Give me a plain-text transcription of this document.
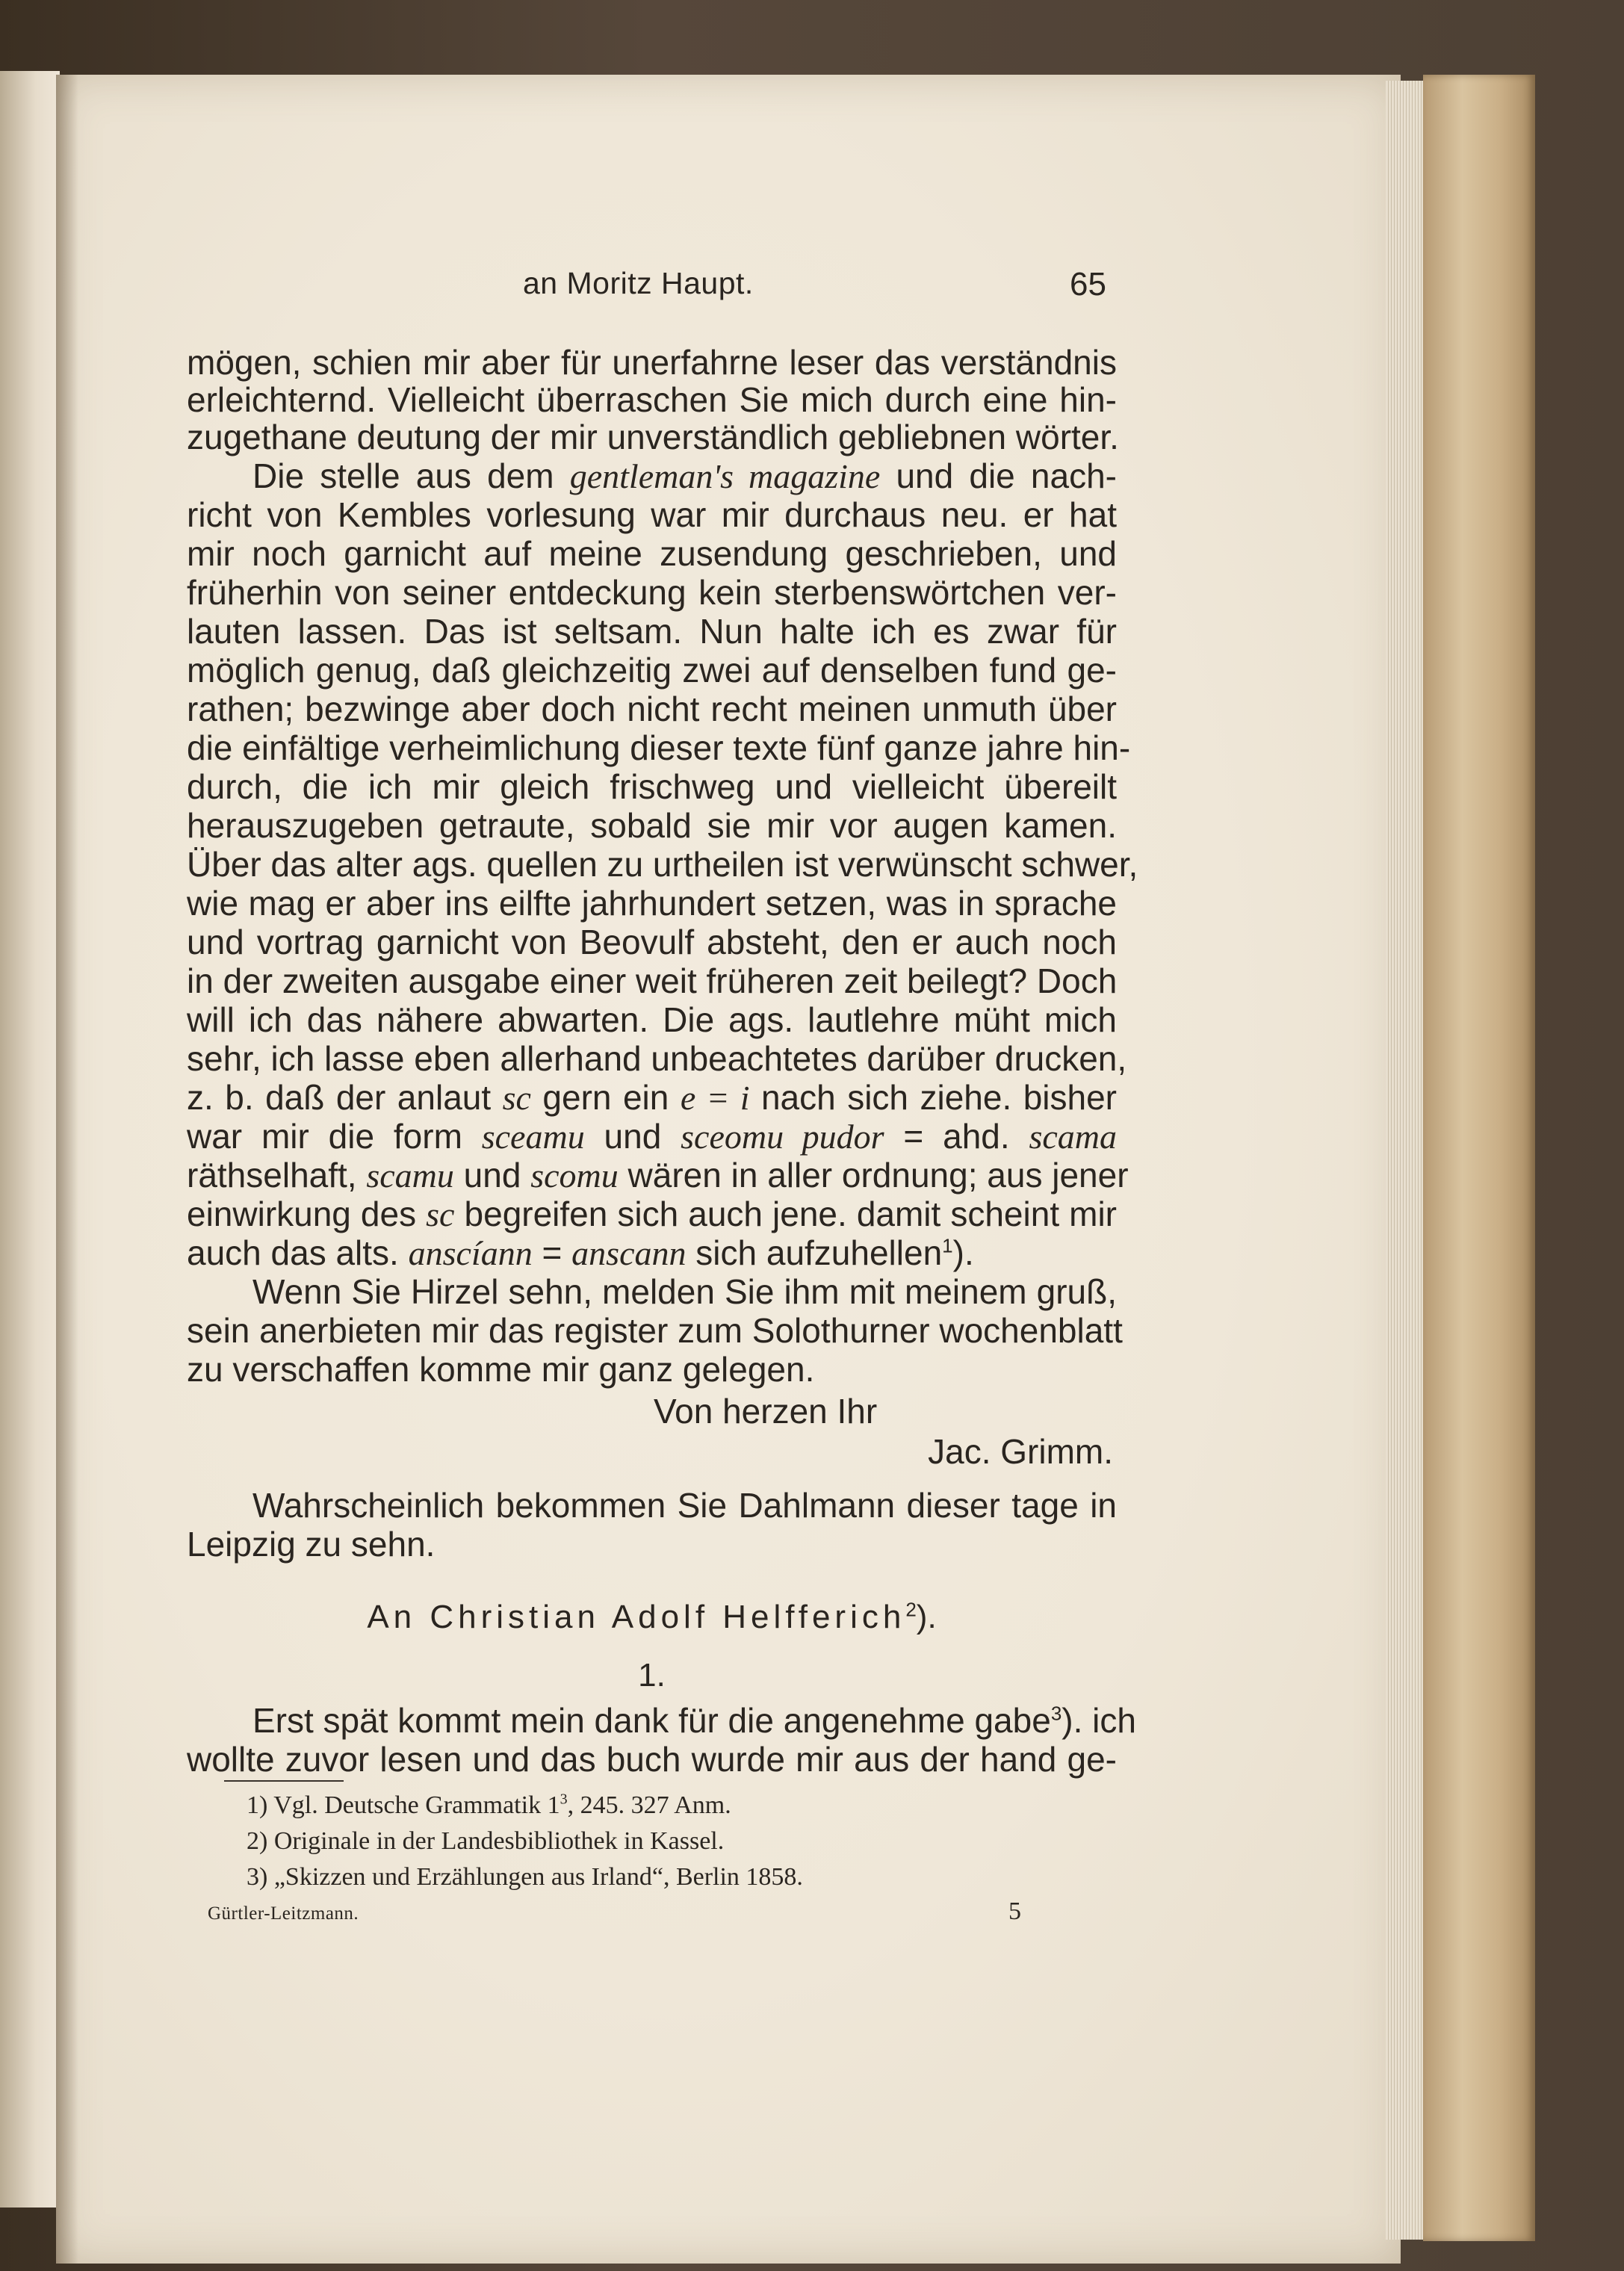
an Moritz Haupt.	65
mögen, schien mir aber für unerfahrne leser das verständnis
erleichternd. Vielleicht überraschen Sie mich durch eine hin-
zugethane deutung der mir unverständlich gebliebnen wörter.
Die stelle aus dem gentleman's magazine und die nach-
richt von Kembles vorlesung war mir durchaus neu. er hat
mir noch garnicht auf meine zusendung geschrieben, und
früherhin von seiner entdeckung kein sterbenswörtchen ver-
lauten lassen. Das ist seltsam. Nun halte ich es zwar für
möglich genug, daß gleichzeitig zwei auf denselben fund ge-
rathen; bezwinge aber doch nicht recht meinen unmuth über
die einfältige verheimlichung dieser texte fünf ganze jahre hin-
durch, die ich mir gleich frischweg und vielleicht übereilt
herauszugeben getraute, sobald sie mir vor augen kamen.
Über das alter ags. quellen zu urtheilen ist verwünscht schwer,
wie mag er aber ins eilfte jahrhundert setzen, was in sprache
und vortrag garnicht von Beovulf absteht, den er auch noch
in der zweiten ausgabe einer weit früheren zeit beilegt? Doch
will ich das nähere abwarten. Die ags. lautlehre müht mich
sehr, ich lasse eben allerhand unbeachtetes darüber drucken,
z. b. daß der anlaut sc gern ein e = i nach sich ziehe. bisher
war mir die form sceamu und sceomu pudor = ahd. scama
räthselhaft, scamu und scomu wären in aller ordnung; aus jener
einwirkung des sc begreifen sich auch jene. damit scheint mir
auch das alts. anscíann = anscann sich aufzuhellen$^1$).
Wenn Sie Hirzel sehn, melden Sie ihm mit meinem gruß,
sein anerbieten mir das register zum Solothurner wochenblatt
zu verschaffen komme mir ganz gelegen.
Von herzen Ihr
Jac. Grimm.
Wahrscheinlich bekommen Sie Dahlmann dieser tage in
Leipzig zu sehn.
An Christian Adolf Helfferich$^2$).
1.
Erst spät kommt mein dank für die angenehme gabe$^3$). ich
wollte zuvor lesen und das buch wurde mir aus der hand ge-
1) Vgl. Deutsche Grammatik $1^3$, 245. 327 Anm.
2) Originale in der Landesbibliothek in Kassel.
3) „Skizzen und Erzählungen aus Irland“, Berlin 1858.
Gürtler-Leitzmann.	5
